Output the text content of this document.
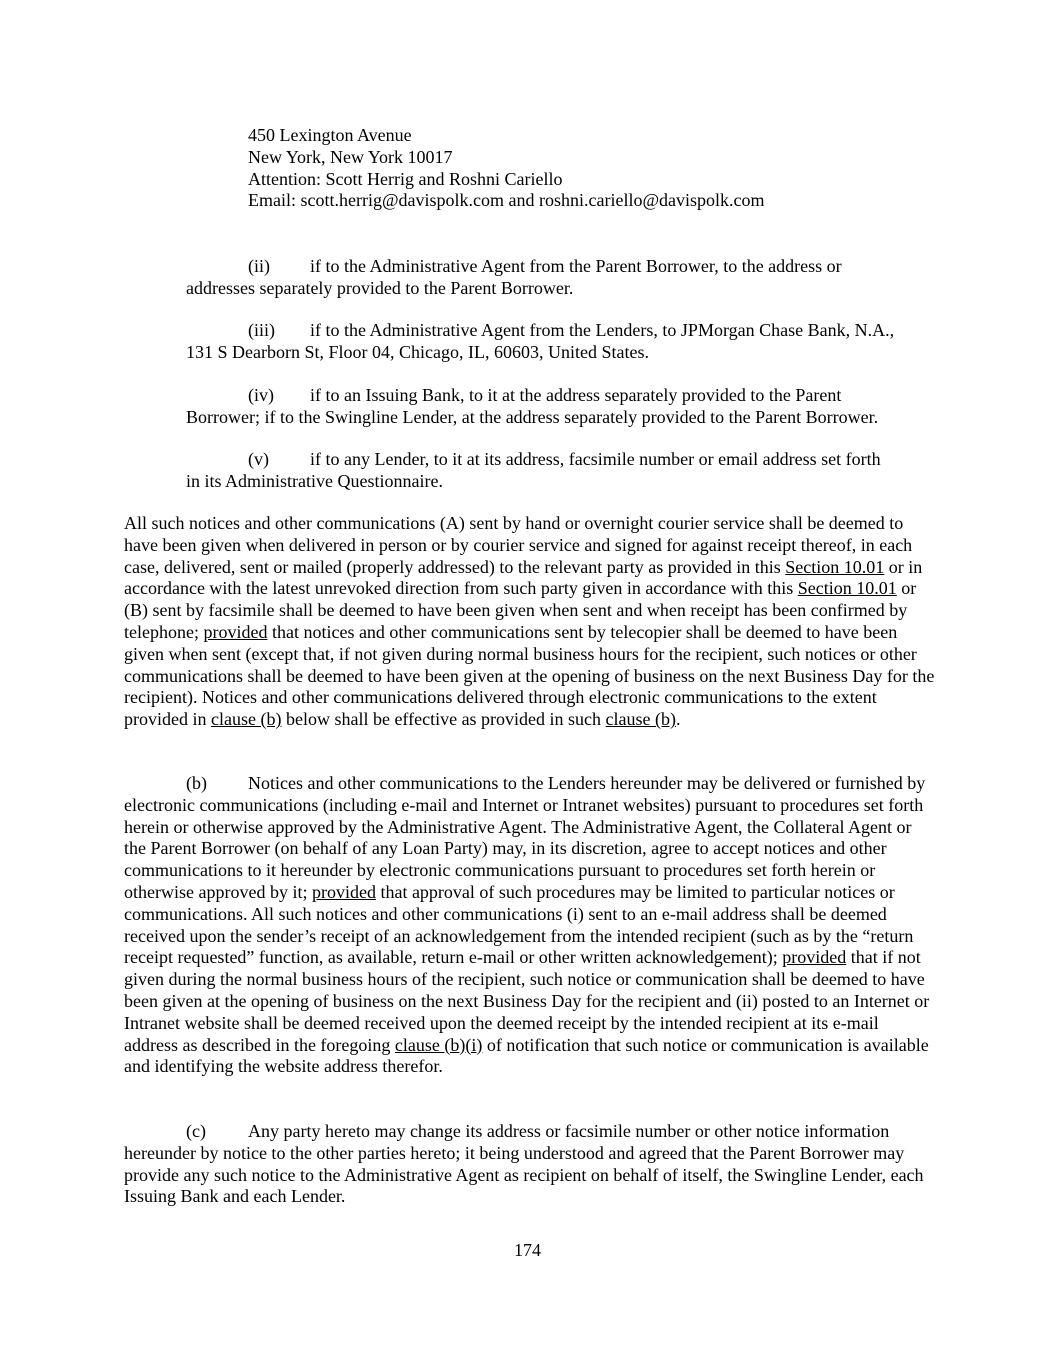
450 Lexington Avenue
New York, New York 10017
Attention: Scott Herrig and Roshni Cariello
Email: scott.herrig@davispolk.com and roshni.cariello@davispolk.com
(ii) if to the Administrative Agent from the Parent Borrower, to the address or
addresses separately provided to the Parent Borrower.
(iii) if to the Administrative Agent from the Lenders, to JPMorgan Chase Bank, N.A.,
131 S Dearborn St, Floor 04, Chicago, IL, 60603, United States.
(iv) if to an Issuing Bank, to it at the address separately provided to the Parent
Borrower; if to the Swingline Lender, at the address separately provided to the Parent Borrower.
(v) if to any Lender, to it at its address, facsimile number or email address set forth
in its Administrative Questionnaire.

All such notices and other communications (A) sent by hand or overnight courier service shall be deemed to have been given when delivered in person or by courier service and signed for against receipt thereof, in each case, delivered, sent or mailed (properly addressed) to the relevant party as provided in this Section 10.01 or in accordance with the latest unrevoked direction from such party given in accordance with this Section 10.01 or (B) sent by facsimile shall be deemed to have been given when sent and when receipt has been confirmed by telephone; provided that notices and other communications sent by telecopier shall be deemed to have been given when sent (except that, if not given during normal business hours for the recipient, such notices or other communications shall be deemed to have been given at the opening of business on the next Business Day for the recipient). Notices and other communications delivered through electronic communications to the extent provided in clause (b) below shall be effective as provided in such clause (b).

(b) Notices and other communications to the Lenders hereunder may be delivered or furnished by electronic communications (including e-mail and Internet or Intranet websites) pursuant to procedures set forth herein or otherwise approved by the Administrative Agent. The Administrative Agent, the Collateral Agent or the Parent Borrower (on behalf of any Loan Party) may, in its discretion, agree to accept notices and other communications to it hereunder by electronic communications pursuant to procedures set forth herein or otherwise approved by it; provided that approval of such procedures may be limited to particular notices or communications. All such notices and other communications (i) sent to an e-mail address shall be deemed received upon the sender’s receipt of an acknowledgement from the intended recipient (such as by the “return receipt requested” function, as available, return e-mail or other written acknowledgement); provided that if not given during the normal business hours of the recipient, such notice or communication shall be deemed to have been given at the opening of business on the next Business Day for the recipient and (ii) posted to an Internet or Intranet website shall be deemed received upon the deemed receipt by the intended recipient at its e-mail address as described in the foregoing clause (b)(i) of notification that such notice or communication is available and identifying the website address therefor.

(c) Any party hereto may change its address or facsimile number or other notice information hereunder by notice to the other parties hereto; it being understood and agreed that the Parent Borrower may provide any such notice to the Administrative Agent as recipient on behalf of itself, the Swingline Lender, each Issuing Bank and each Lender.

174
